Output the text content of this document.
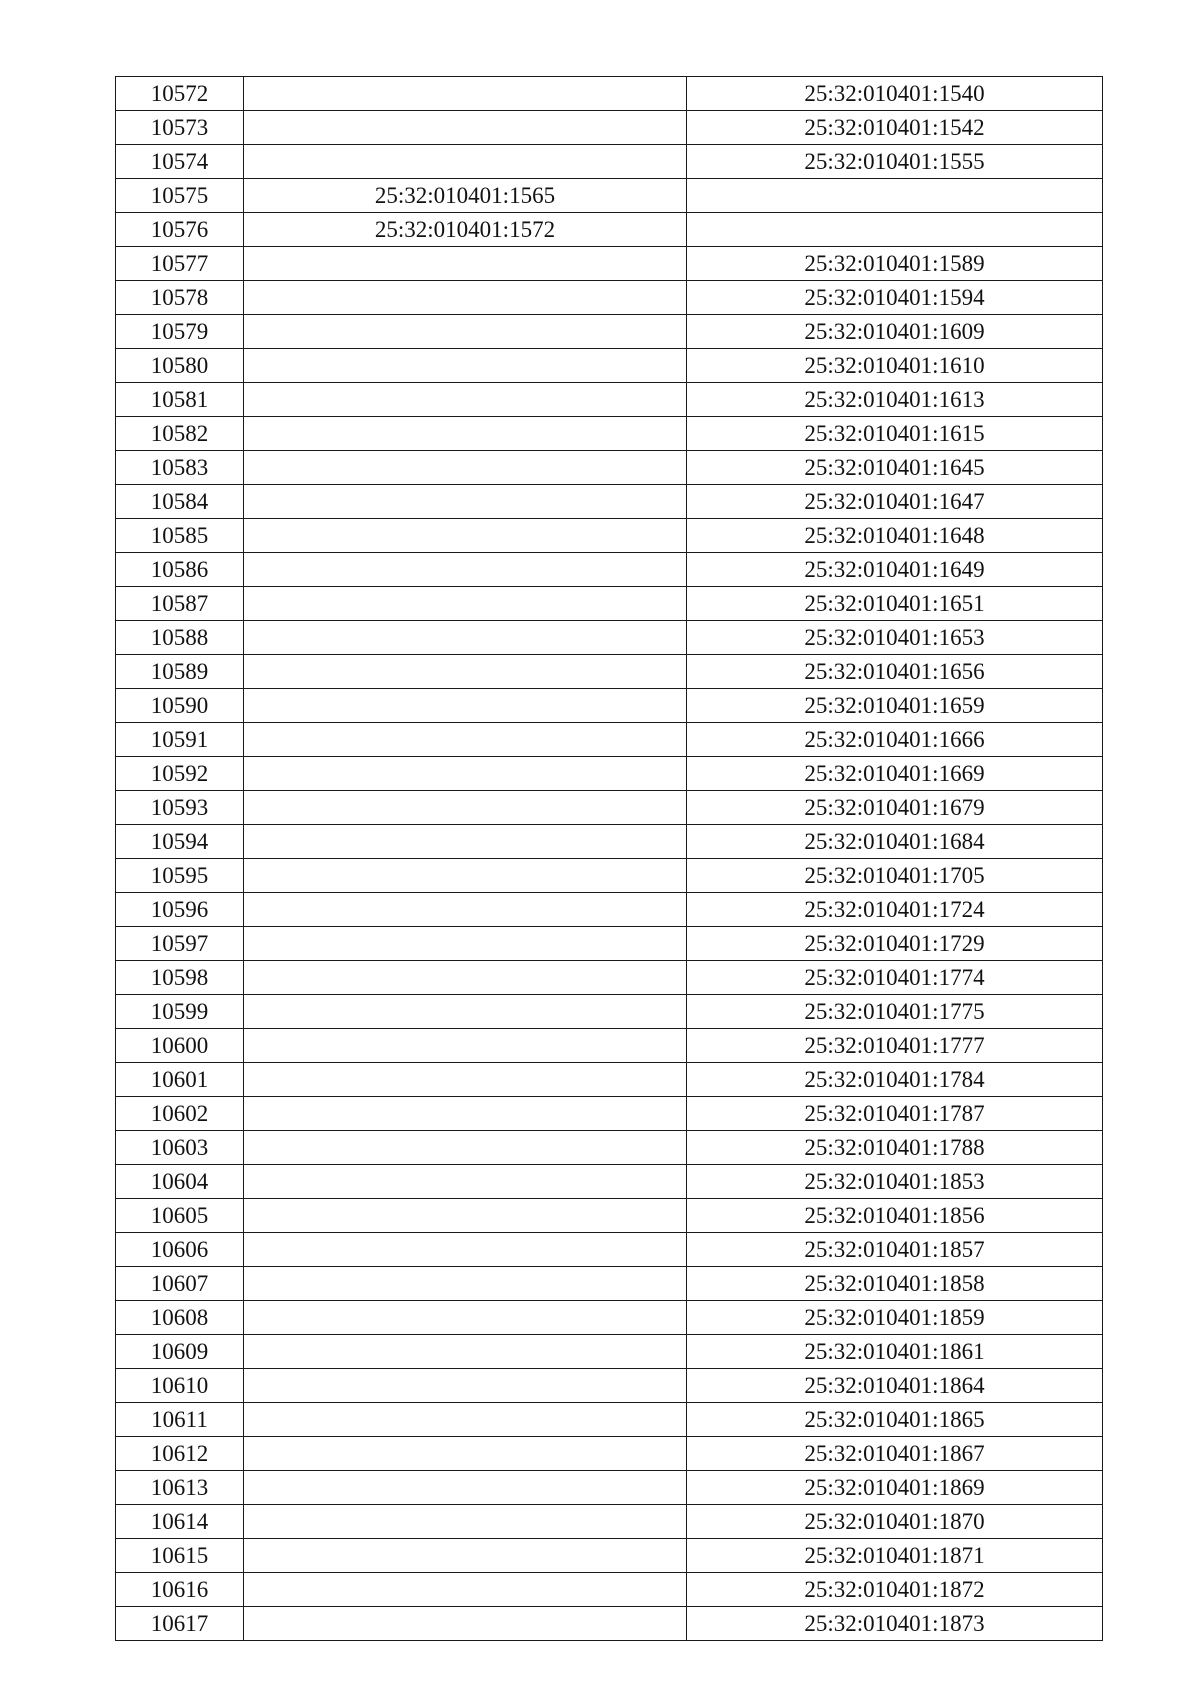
10572		25:32:010401:1540
10573		25:32:010401:1542
10574		25:32:010401:1555
10575	25:32:010401:1565	
10576	25:32:010401:1572	
10577		25:32:010401:1589
10578		25:32:010401:1594
10579		25:32:010401:1609
10580		25:32:010401:1610
10581		25:32:010401:1613
10582		25:32:010401:1615
10583		25:32:010401:1645
10584		25:32:010401:1647
10585		25:32:010401:1648
10586		25:32:010401:1649
10587		25:32:010401:1651
10588		25:32:010401:1653
10589		25:32:010401:1656
10590		25:32:010401:1659
10591		25:32:010401:1666
10592		25:32:010401:1669
10593		25:32:010401:1679
10594		25:32:010401:1684
10595		25:32:010401:1705
10596		25:32:010401:1724
10597		25:32:010401:1729
10598		25:32:010401:1774
10599		25:32:010401:1775
10600		25:32:010401:1777
10601		25:32:010401:1784
10602		25:32:010401:1787
10603		25:32:010401:1788
10604		25:32:010401:1853
10605		25:32:010401:1856
10606		25:32:010401:1857
10607		25:32:010401:1858
10608		25:32:010401:1859
10609		25:32:010401:1861
10610		25:32:010401:1864
10611		25:32:010401:1865
10612		25:32:010401:1867
10613		25:32:010401:1869
10614		25:32:010401:1870
10615		25:32:010401:1871
10616		25:32:010401:1872
10617		25:32:010401:1873
